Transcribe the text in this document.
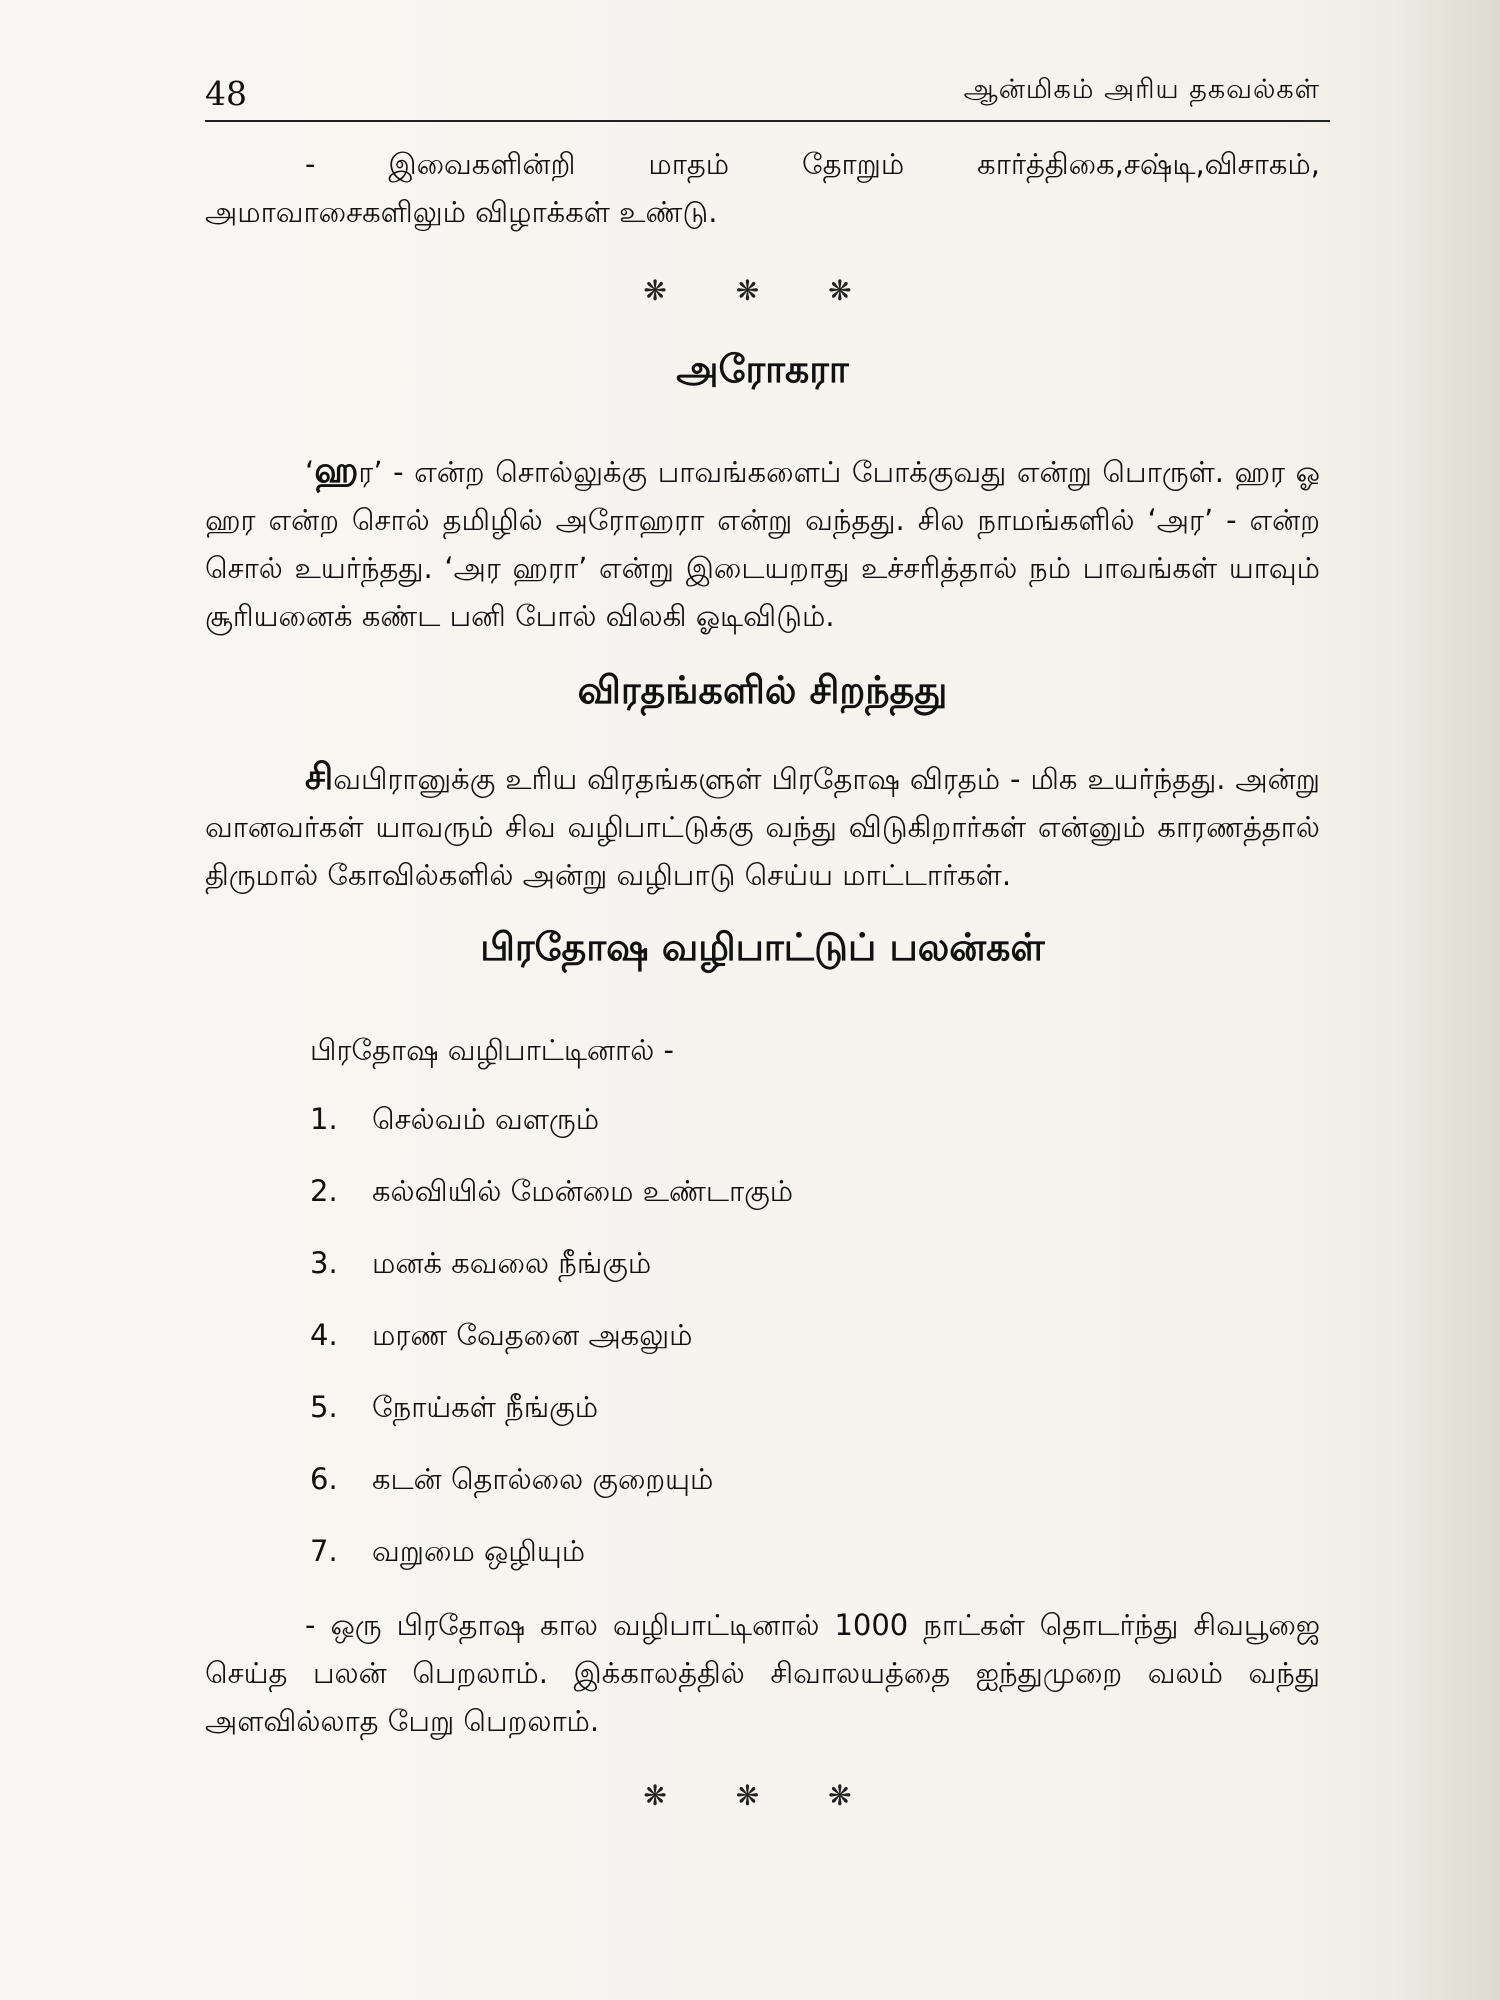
48	ஆன்மிகம் அரிய தகவல்கள்

- இவைகளின்றி மாதம் தோறும் கார்த்திகை,சஷ்டி,விசாகம், அமாவாசைகளிலும் விழாக்கள் உண்டு.

❋ ❋ ❋

அரோகரா

‘ஹர’ - என்ற சொல்லுக்கு பாவங்களைப் போக்குவது என்று பொருள். ஹர ஓ ஹர என்ற சொல் தமிழில் அரோஹரா என்று வந்தது. சில நாமங்களில் ‘அர’ - என்ற சொல் உயர்ந்தது. ‘அர ஹரா’ என்று இடையறாது உச்சரித்தால் நம் பாவங்கள் யாவும் சூரியனைக் கண்ட பனி போல் விலகி ஓடிவிடும்.

விரதங்களில் சிறந்தது

சிவபிரானுக்கு உரிய விரதங்களுள் பிரதோஷ விரதம் - மிக உயர்ந்தது. அன்று வானவர்கள் யாவரும் சிவ வழிபாட்டுக்கு வந்து விடுகிறார்கள் என்னும் காரணத்தால் திருமால் கோவில்களில் அன்று வழிபாடு செய்ய மாட்டார்கள்.

பிரதோஷ வழிபாட்டுப் பலன்கள்

பிரதோஷ வழிபாட்டினால் -

1. செல்வம் வளரும்
2. கல்வியில் மேன்மை உண்டாகும்
3. மனக் கவலை நீங்கும்
4. மரண வேதனை அகலும்
5. நோய்கள் நீங்கும்
6. கடன் தொல்லை குறையும்
7. வறுமை ஒழியும்

- ஒரு பிரதோஷ கால வழிபாட்டினால் 1000 நாட்கள் தொடர்ந்து சிவபூஜை செய்த பலன் பெறலாம். இக்காலத்தில் சிவாலயத்தை ஐந்துமுறை வலம் வந்து அளவில்லாத பேறு பெறலாம்.

❋ ❋ ❋
